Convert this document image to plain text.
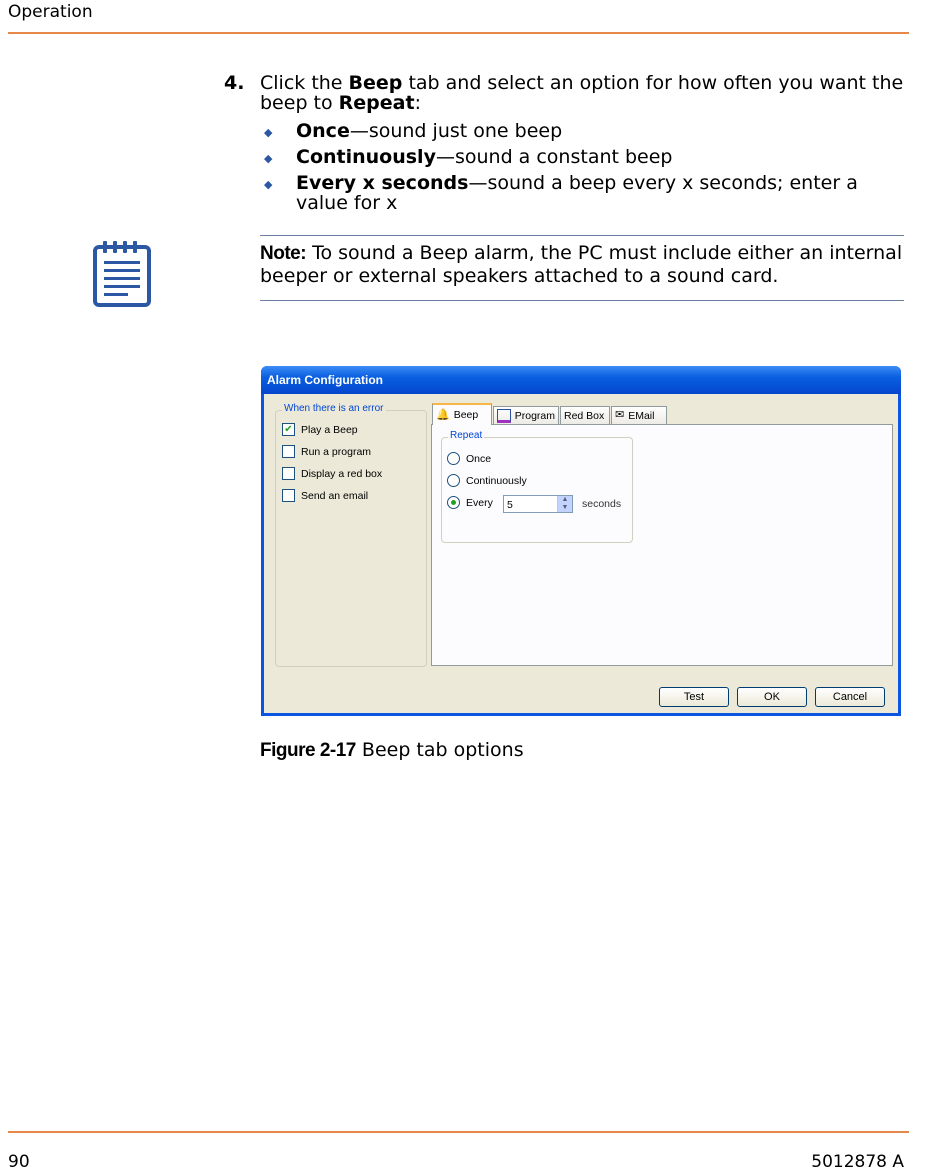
Operation
4. Click the Beep tab and select an option for how often you want the beep to Repeat:
◆ Once—sound just one beep
◆ Continuously—sound a constant beep
◆ Every x seconds—sound a beep every x seconds; enter a value for x
Note: To sound a Beep alarm, the PC must include either an internal beeper or external speakers attached to a sound card.
Alarm Configuration
When there is an error
✔ Play a Beep
Run a program
Display a red box
Send an email
🔔 Beep	Program Red Box ✉ EMail
Repeat
Once
Continuously
Every	5	▲
▼	seconds
Test	OK	Cancel
Figure 2-17 Beep tab options
90	5012878 A
